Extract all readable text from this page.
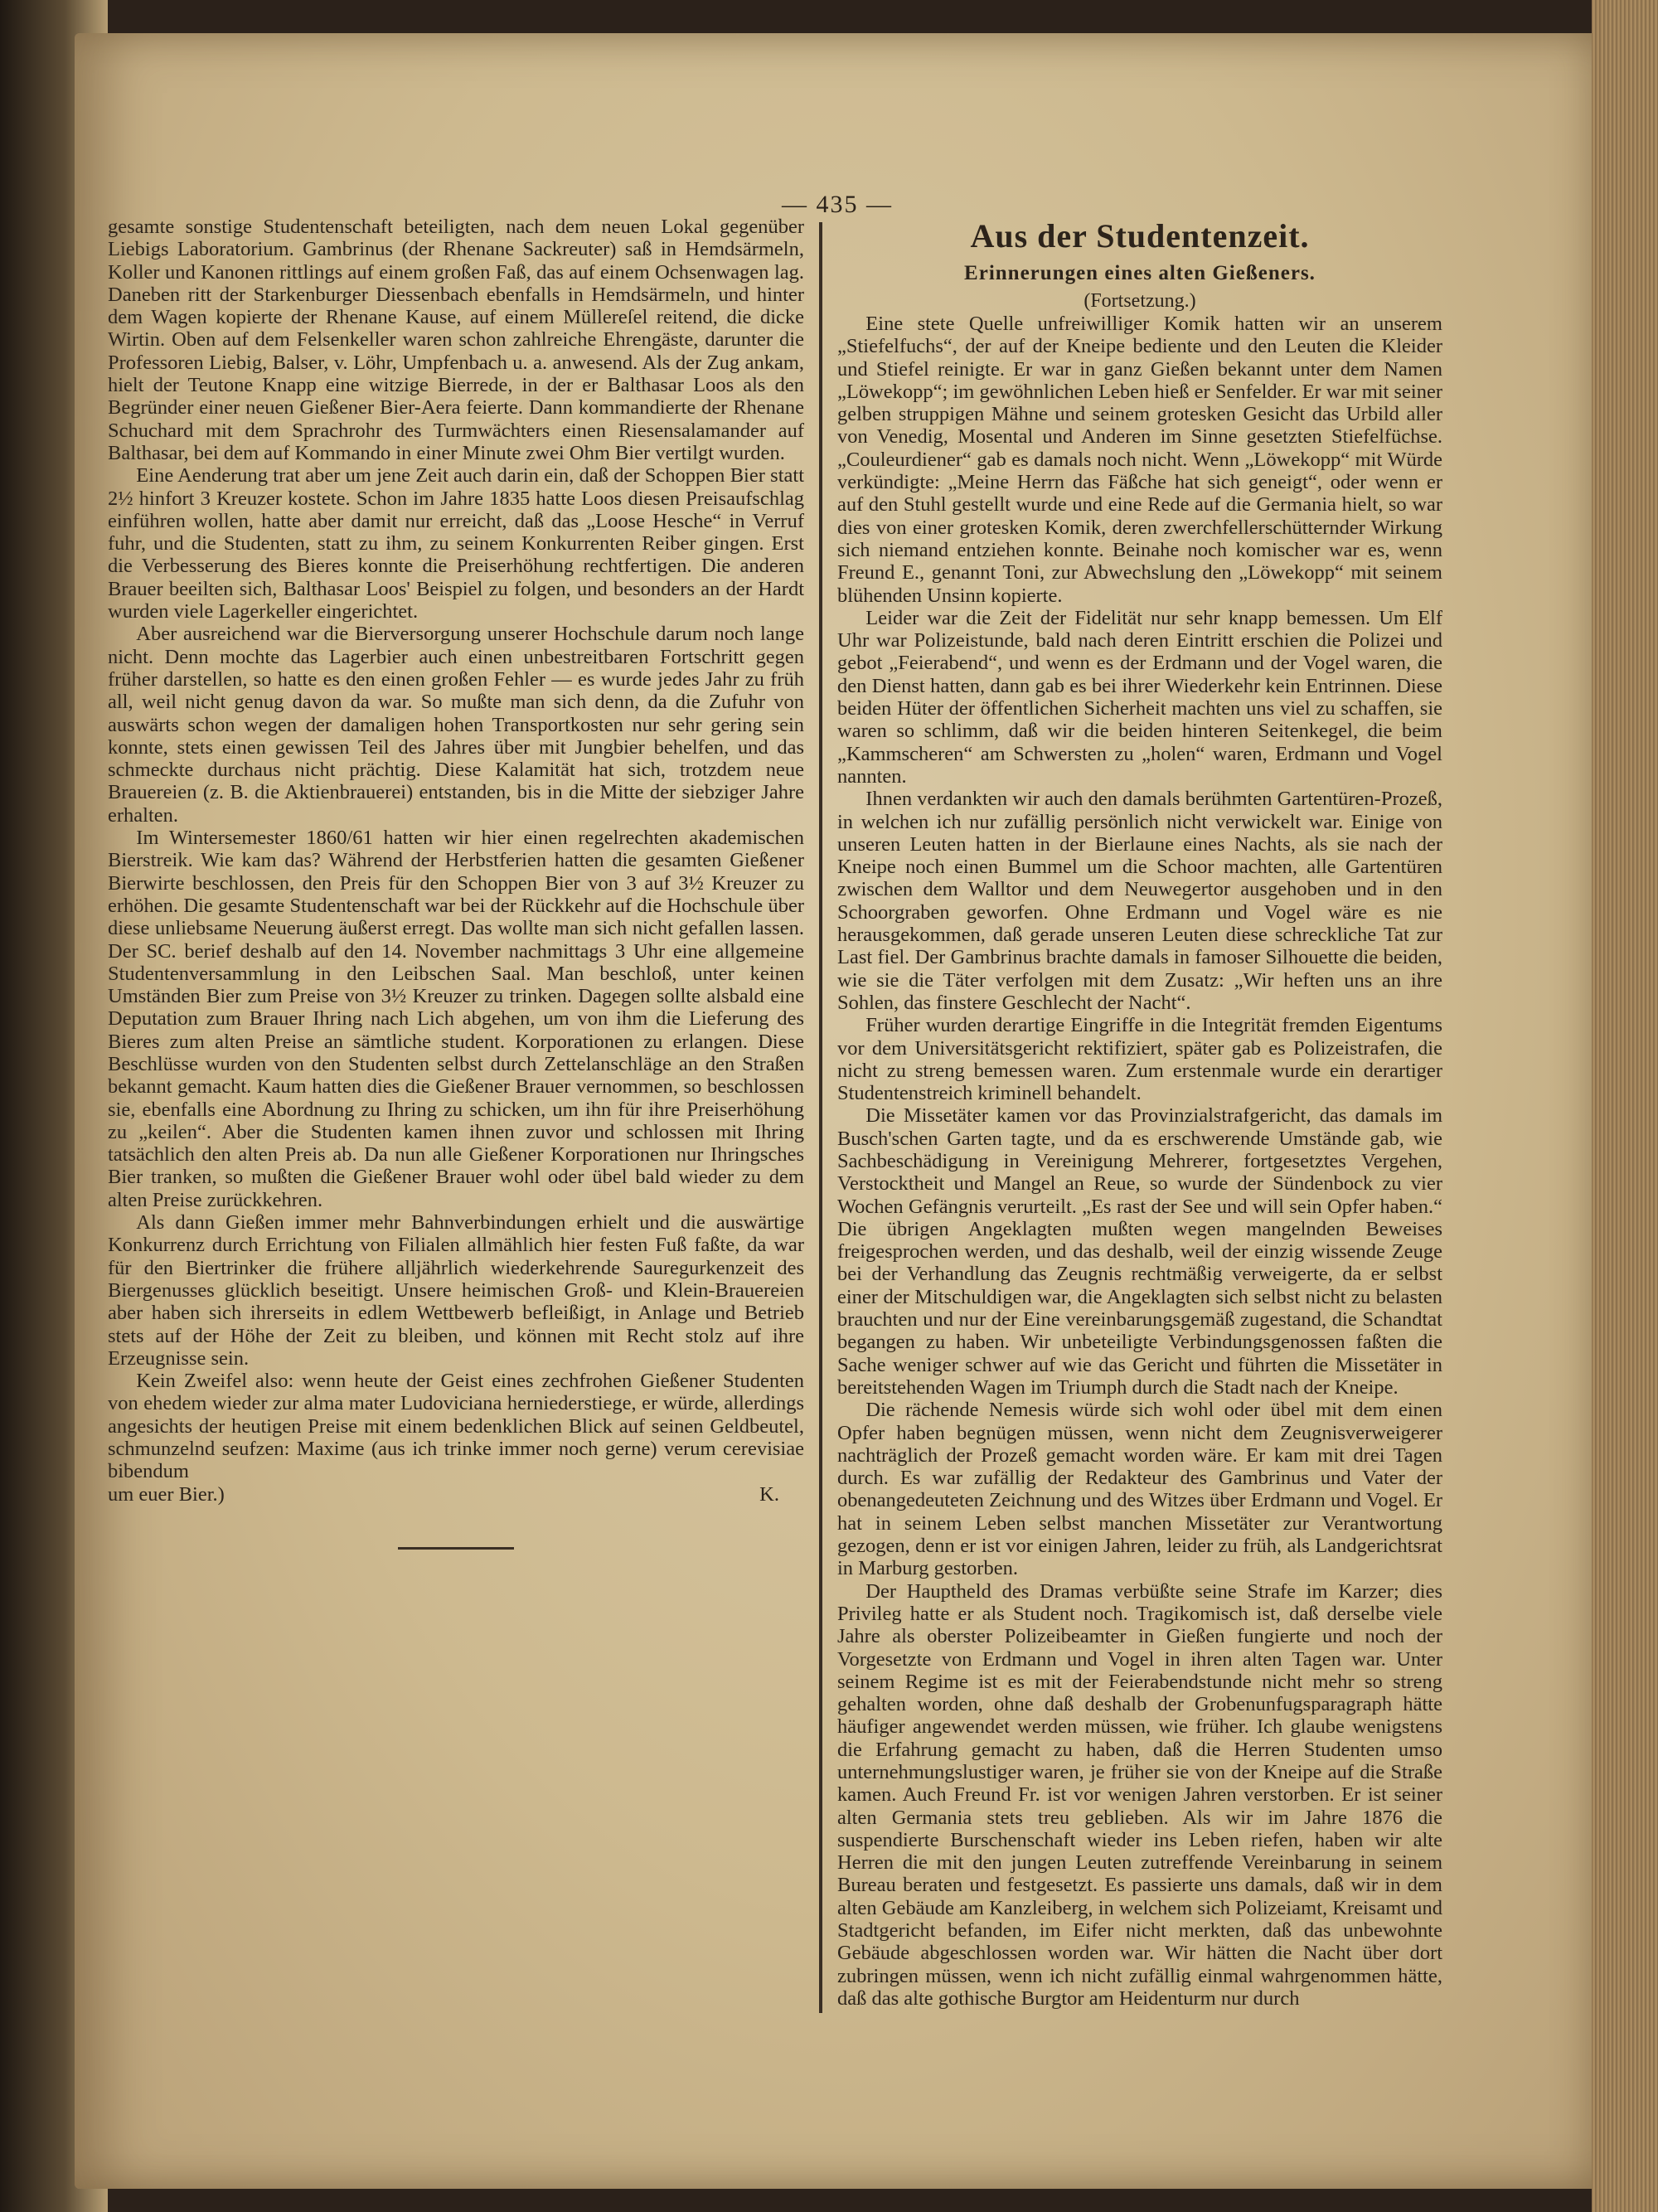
— 435 —

gesamte sonstige Studentenschaft beteiligten, nach dem neuen Lokal gegenüber Liebigs Laboratorium. Gambrinus (der Rhenane Sackreuter) saß in Hemdsärmeln, Koller und Kanonen rittlings auf einem großen Faß, das auf einem Ochsenwagen lag. Daneben ritt der Starkenburger Diessenbach ebenfalls in Hemdsärmeln, und hinter dem Wagen kopierte der Rhenane Kause, auf einem Müllereſel reitend, die dicke Wirtin. Oben auf dem Felsenkeller waren schon zahlreiche Ehrengäste, darunter die Professoren Liebig, Balser, v. Löhr, Umpfenbach u. a. anwesend. Als der Zug ankam, hielt der Teutone Knapp eine witzige Bierrede, in der er Balthasar Loos als den Begründer einer neuen Gießener Bier-Aera feierte. Dann kommandierte der Rhenane Schuchard mit dem Sprachrohr des Turmwächters einen Riesensalamander auf Balthasar, bei dem auf Kommando in einer Minute zwei Ohm Bier vertilgt wurden.

Eine Aenderung trat aber um jene Zeit auch darin ein, daß der Schoppen Bier statt 2½ hinfort 3 Kreuzer kostete. Schon im Jahre 1835 hatte Loos diesen Preisaufschlag einführen wollen, hatte aber damit nur erreicht, daß das „Loose Hesche“ in Verruf fuhr, und die Studenten, statt zu ihm, zu seinem Konkurrenten Reiber gingen. Erst die Verbesserung des Bieres konnte die Preiserhöhung rechtfertigen. Die anderen Brauer beeilten sich, Balthasar Loos' Beispiel zu folgen, und besonders an der Hardt wurden viele Lagerkeller eingerichtet.

Aber ausreichend war die Bierversorgung unserer Hochschule darum noch lange nicht. Denn mochte das Lagerbier auch einen unbestreitbaren Fortschritt gegen früher darstellen, so hatte es den einen großen Fehler — es wurde jedes Jahr zu früh all, weil nicht genug davon da war. So mußte man sich denn, da die Zufuhr von auswärts schon wegen der damaligen hohen Transportkosten nur sehr gering sein konnte, stets einen gewissen Teil des Jahres über mit Jungbier behelfen, und das schmeckte durchaus nicht prächtig. Diese Kalamität hat sich, trotzdem neue Brauereien (z. B. die Aktienbrauerei) entstanden, bis in die Mitte der siebziger Jahre erhalten.

Im Wintersemester 1860/61 hatten wir hier einen regelrechten akademischen Bierstreik. Wie kam das? Während der Herbstferien hatten die gesamten Gießener Bierwirte beschlossen, den Preis für den Schoppen Bier von 3 auf 3½ Kreuzer zu erhöhen. Die gesamte Studentenschaft war bei der Rückkehr auf die Hochschule über diese unliebsame Neuerung äußerst erregt. Das wollte man sich nicht gefallen lassen. Der SC. berief deshalb auf den 14. November nachmittags 3 Uhr eine allgemeine Studentenversammlung in den Leibschen Saal. Man beschloß, unter keinen Umständen Bier zum Preise von 3½ Kreuzer zu trinken. Dagegen sollte alsbald eine Deputation zum Brauer Ihring nach Lich abgehen, um von ihm die Lieferung des Bieres zum alten Preise an sämtliche student. Korporationen zu erlangen. Diese Beschlüsse wurden von den Studenten selbst durch Zettelanschläge an den Straßen bekannt gemacht. Kaum hatten dies die Gießener Brauer vernommen, so beschlossen sie, ebenfalls eine Abordnung zu Ihring zu schicken, um ihn für ihre Preiserhöhung zu „keilen“. Aber die Studenten kamen ihnen zuvor und schlossen mit Ihring tatsächlich den alten Preis ab. Da nun alle Gießener Korporationen nur Ihringsches Bier tranken, so mußten die Gießener Brauer wohl oder übel bald wieder zu dem alten Preise zurückkehren.

Als dann Gießen immer mehr Bahnverbindungen erhielt und die auswärtige Konkurrenz durch Errichtung von Filialen allmählich hier festen Fuß faßte, da war für den Biertrinker die frühere alljährlich wiederkehrende Sauregurkenzeit des Biergenusses glücklich beseitigt. Unsere heimischen Groß- und Klein-Brauereien aber haben sich ihrerseits in edlem Wettbewerb befleißigt, in Anlage und Betrieb stets auf der Höhe der Zeit zu bleiben, und können mit Recht stolz auf ihre Erzeugnisse sein.

Kein Zweifel also: wenn heute der Geist eines zechfrohen Gießener Studenten von ehedem wieder zur alma mater Ludoviciana herniederstiege, er würde, allerdings angesichts der heutigen Preise mit einem bedenklichen Blick auf seinen Geldbeutel, schmunzelnd seufzen: Maxime (aus ich trinke immer noch gerne) verum cerevisiae bibendum

um euer Bier.)	K.
Aus der Studentenzeit.
Erinnerungen eines alten Gießeners.
(Fortsetzung.)

Eine stete Quelle unfreiwilliger Komik hatten wir an unserem „Stiefelfuchs“, der auf der Kneipe bediente und den Leuten die Kleider und Stiefel reinigte. Er war in ganz Gießen bekannt unter dem Namen „Löwekopp“; im gewöhnlichen Leben hieß er Senfelder. Er war mit seiner gelben struppigen Mähne und seinem grotesken Gesicht das Urbild aller von Venedig, Mosental und Anderen im Sinne gesetzten Stiefelfüchse. „Couleurdiener“ gab es damals noch nicht. Wenn „Löwekopp“ mit Würde verkündigte: „Meine Herrn das Fäßche hat sich geneigt“, oder wenn er auf den Stuhl gestellt wurde und eine Rede auf die Germania hielt, so war dies von einer grotesken Komik, deren zwerchfellerschütternder Wirkung sich niemand entziehen konnte. Beinahe noch komischer war es, wenn Freund E., genannt Toni, zur Abwechslung den „Löwekopp“ mit seinem blühenden Unsinn kopierte.

Leider war die Zeit der Fidelität nur sehr knapp bemessen. Um Elf Uhr war Polizeistunde, bald nach deren Eintritt erschien die Polizei und gebot „Feierabend“, und wenn es der Erdmann und der Vogel waren, die den Dienst hatten, dann gab es bei ihrer Wiederkehr kein Entrinnen. Diese beiden Hüter der öffentlichen Sicherheit machten uns viel zu schaffen, sie waren so schlimm, daß wir die beiden hinteren Seitenkegel, die beim „Kammscheren“ am Schwersten zu „holen“ waren, Erdmann und Vogel nannten.

Ihnen verdankten wir auch den damals berühmten Gartentüren-Prozeß, in welchen ich nur zufällig persönlich nicht verwickelt war. Einige von unseren Leuten hatten in der Bierlaune eines Nachts, als sie nach der Kneipe noch einen Bummel um die Schoor machten, alle Gartentüren zwischen dem Walltor und dem Neuwegertor ausgehoben und in den Schoorgraben geworfen. Ohne Erdmann und Vogel wäre es nie herausgekommen, daß gerade unseren Leuten diese schreckliche Tat zur Last fiel. Der Gambrinus brachte damals in famoser Silhouette die beiden, wie sie die Täter verfolgen mit dem Zusatz: „Wir heften uns an ihre Sohlen, das finstere Geschlecht der Nacht“.

Früher wurden derartige Eingriffe in die Integrität fremden Eigentums vor dem Universitätsgericht rektifiziert, später gab es Polizeistrafen, die nicht zu streng bemessen waren. Zum erstenmale wurde ein derartiger Studentenstreich kriminell behandelt.

Die Missetäter kamen vor das Provinzialstrafgericht, das damals im Busch'schen Garten tagte, und da es erschwerende Umstände gab, wie Sachbeschädigung in Vereinigung Mehrerer, fortgesetztes Vergehen, Verstocktheit und Mangel an Reue, so wurde der Sündenbock zu vier Wochen Gefängnis verurteilt. „Es rast der See und will sein Opfer haben.“ Die übrigen Angeklagten mußten wegen mangelnden Beweises freigesprochen werden, und das deshalb, weil der einzig wissende Zeuge bei der Verhandlung das Zeugnis rechtmäßig verweigerte, da er selbst einer der Mitschuldigen war, die Angeklagten sich selbst nicht zu belasten brauchten und nur der Eine vereinbarungsgemäß zugestand, die Schandtat begangen zu haben. Wir unbeteiligte Verbindungsgenossen faßten die Sache weniger schwer auf wie das Gericht und führten die Missetäter in bereitstehenden Wagen im Triumph durch die Stadt nach der Kneipe.

Die rächende Nemesis würde sich wohl oder übel mit dem einen Opfer haben begnügen müssen, wenn nicht dem Zeugnisverweigerer nachträglich der Prozeß gemacht worden wäre. Er kam mit drei Tagen durch. Es war zufällig der Redakteur des Gambrinus und Vater der obenangedeuteten Zeichnung und des Witzes über Erdmann und Vogel. Er hat in seinem Leben selbst manchen Missetäter zur Verantwortung gezogen, denn er ist vor einigen Jahren, leider zu früh, als Landgerichtsrat in Marburg gestorben.

Der Hauptheld des Dramas verbüßte seine Strafe im Karzer; dies Privileg hatte er als Student noch. Tragikomisch ist, daß derselbe viele Jahre als oberster Polizeibeamter in Gießen fungierte und noch der Vorgesetzte von Erdmann und Vogel in ihren alten Tagen war. Unter seinem Regime ist es mit der Feierabendstunde nicht mehr so streng gehalten worden, ohne daß deshalb der Grobenunfugsparagraph hätte häufiger angewendet werden müssen, wie früher. Ich glaube wenigstens die Erfahrung gemacht zu haben, daß die Herren Studenten umso unternehmungslustiger waren, je früher sie von der Kneipe auf die Straße kamen. Auch Freund Fr. ist vor wenigen Jahren verstorben. Er ist seiner alten Germania stets treu geblieben. Als wir im Jahre 1876 die suspendierte Burschenschaft wieder ins Leben riefen, haben wir alte Herren die mit den jungen Leuten zutreffende Vereinbarung in seinem Bureau beraten und festgesetzt. Es passierte uns damals, daß wir in dem alten Gebäude am Kanzleiberg, in welchem sich Polizeiamt, Kreisamt und Stadtgericht befanden, im Eifer nicht merkten, daß das unbewohnte Gebäude abgeschlossen worden war. Wir hätten die Nacht über dort zubringen müssen, wenn ich nicht zufällig einmal wahrgenommen hätte, daß das alte gothische Burgtor am Heidenturm nur durch
